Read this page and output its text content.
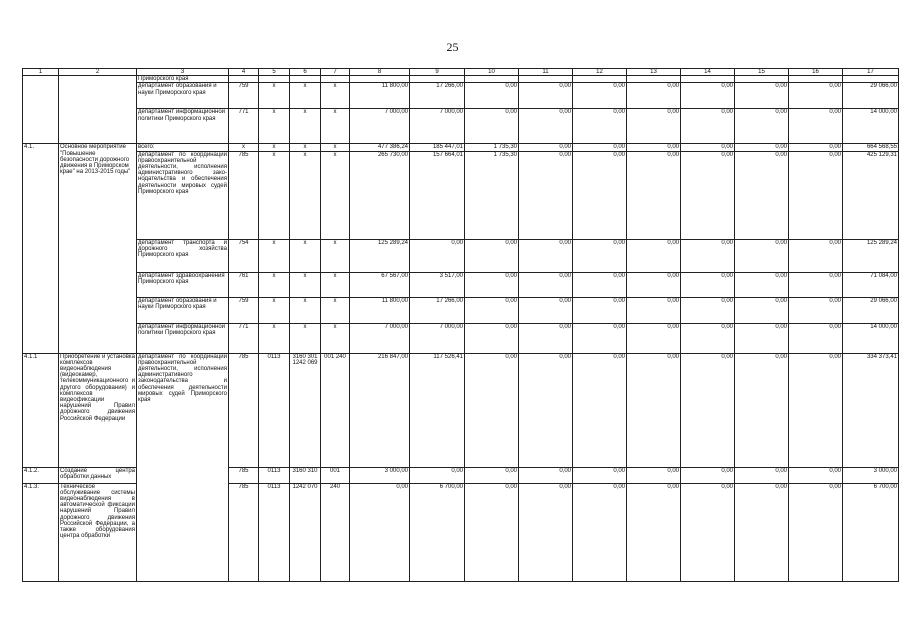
25
1	2	3	4	5	6	7	8	9	10	11	12	13	14	15	16	17
		Приморского края														
		департамент образования и науки Приморского края	759	x	x	x	11 800,00	17 266,00	0,00	0,00	0,00	0,00	0,00	0,00	0,00	29 066,00
		департамент информационной политики Приморского края	771	x	x	x	7 000,00	7 000,00	0,00	0,00	0,00	0,00	0,00	0,00	0,00	14 000,00
4.1.	Основное мероприятие "Повышение безопасности дорожного движения в Приморском крае" на 2013-2015 годы"	всего:	x	x	x	x	477 386,24	185 447,01	1 735,30	0,00	0,00	0,00	0,00	0,00	0,00	664 568,55
		департамент по координации правоохранительной деятельности, исполнения административного зако-нодательства и обеспечения деятельности мировых судей Приморского края	785	x	x	x	265 730,00	157 664,01	1 735,30	0,00	0,00	0,00	0,00	0,00	0,00	425 129,31
		департамент транспорта и дорожного хозяйства Приморского края	754	x	x	x	125 289,24	0,00	0,00	0,00	0,00	0,00	0,00	0,00	0,00	125 289,24
		департамент здравоохранения Приморского края	761	x	x	x	67 567,00	3 517,00	0,00	0,00	0,00	0,00	0,00	0,00	0,00	71 084,00
		департамент образования и науки Приморского края	759	x	x	x	11 800,00	17 266,00	0,00	0,00	0,00	0,00	0,00	0,00	0,00	29 066,00
		департамент информационной политики Приморского края	771	x	x	x	7 000,00	7 000,00	0,00	0,00	0,00	0,00	0,00	0,00	0,00	14 000,00
4.1.1	Приобретение и установка комплексов видеонаблюдения (видеокамер, телекоммуникационного и другого оборудования) и комплексов видеофиксации нарушений Правил дорожного движения Российской Федерации	департамент по координации правоохранительной деятельности, исполнения административного законодательства и обеспечения деятельности мировых судей Приморского края	785	0113	3160 301 1242 069	001 240	216 847,00	117 526,41	0,00	0,00	0,00	0,00	0,00	0,00	0,00	334 373,41
4.1.2.	Создание центра обработки данных		785	0113	3160 310	001	3 000,00	0,00	0,00	0,00	0,00	0,00	0,00	0,00	0,00	3 000,00
4.1.3.	Техническое обслуживание системы видеонаблюдения в автоматической фиксации нарушений Правил дорожного движения Российской Федерации, а также оборудования центра обработки		785	0113	1242 070	240	0,00	6 700,00	0,00	0,00	0,00	0,00	0,00	0,00	0,00	6 700,00
